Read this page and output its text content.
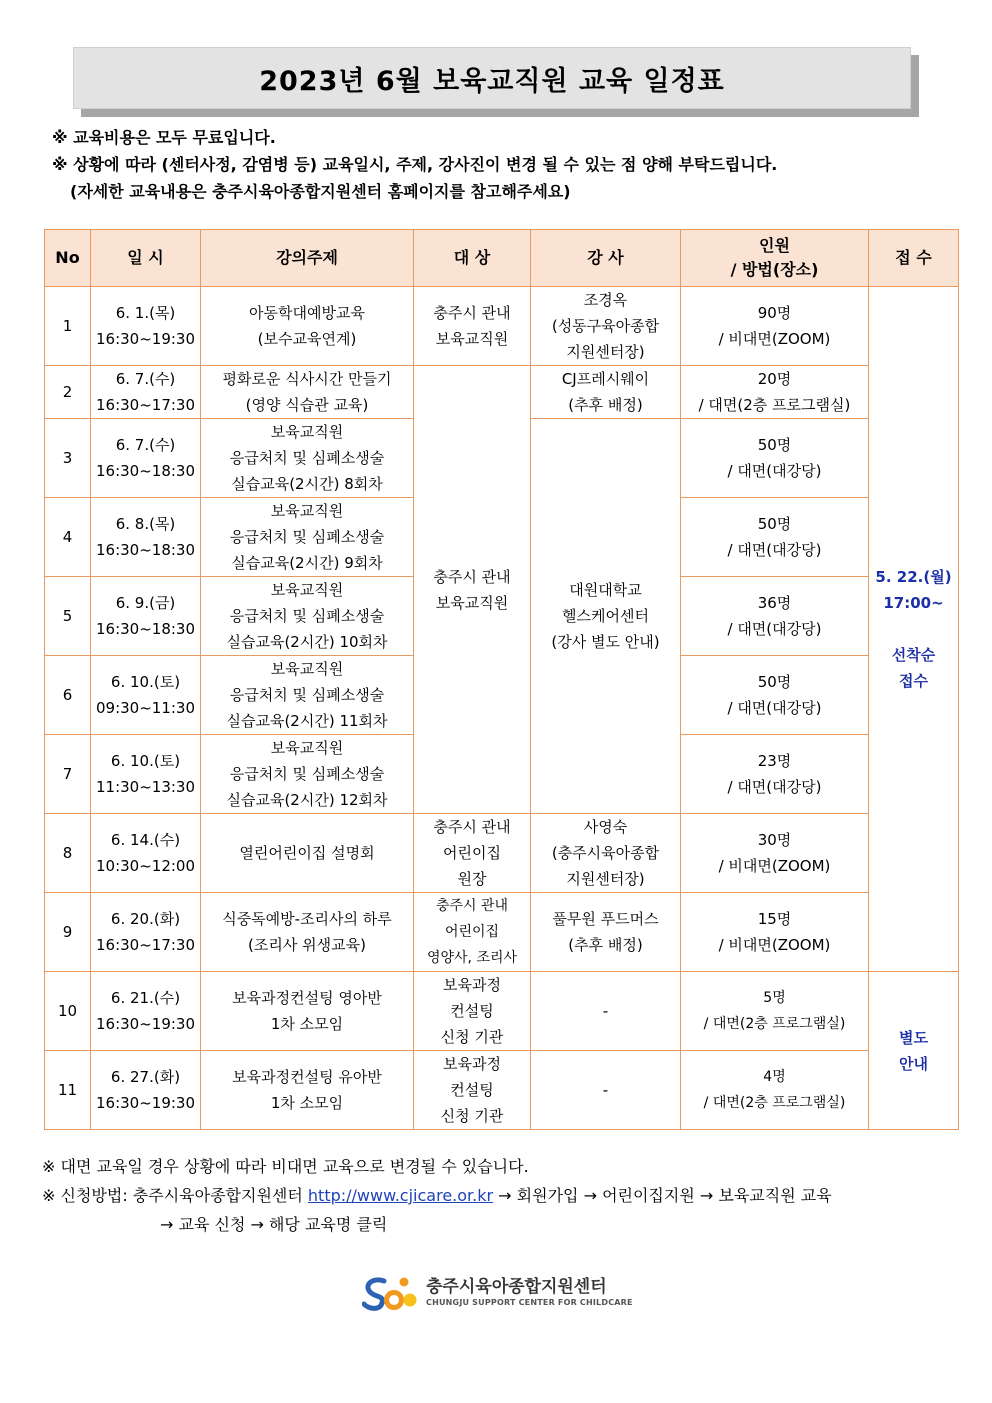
2023년 6월 보육교직원 교육 일정표
※ 교육비용은 모두 무료입니다.
※ 상황에 따라 (센터사정, 감염병 등) 교육일시, 주제, 강사진이 변경 될 수 있는 점 양해 부탁드립니다.
(자세한 교육내용은 충주시육아종합지원센터 홈페이지를 참고해주세요)
No	일 시	강의주제	대 상	강 사	인원
/ 방법(장소)	접 수
1	6. 1.(목)
16:30~19:30	아동학대예방교육
(보수교육연계)	충주시 관내
보육교직원	조경옥
(성동구육아종합
지원센터장)	90명
/ 비대면(ZOOM)	5. 22.(월)
17:00~

선착순
접수
2	6. 7.(수)
16:30~17:30	평화로운 식사시간 만들기
(영양 식습관 교육)	충주시 관내
보육교직원	CJ프레시웨이
(추후 배정)	20명
/ 대면(2층 프로그램실)	
3	6. 7.(수)
16:30~18:30	보육교직원
응급처치 및 심폐소생술
실습교육(2시간) 8회차		대원대학교
헬스케어센터
(강사 별도 안내)	50명
/ 대면(대강당)	
4	6. 8.(목)
16:30~18:30	보육교직원
응급처치 및 심폐소생술
실습교육(2시간) 9회차			50명
/ 대면(대강당)	
5	6. 9.(금)
16:30~18:30	보육교직원
응급처치 및 심폐소생술
실습교육(2시간) 10회차			36명
/ 대면(대강당)	
6	6. 10.(토)
09:30~11:30	보육교직원
응급처치 및 심폐소생술
실습교육(2시간) 11회차			50명
/ 대면(대강당)	
7	6. 10.(토)
11:30~13:30	보육교직원
응급처치 및 심폐소생술
실습교육(2시간) 12회차			23명
/ 대면(대강당)	
8	6. 14.(수)
10:30~12:00	열린어린이집 설명회	충주시 관내
어린이집
원장	사영숙
(충주시육아종합
지원센터장)	30명
/ 비대면(ZOOM)	
9	6. 20.(화)
16:30~17:30	식중독예방-조리사의 하루
(조리사 위생교육)	충주시 관내
어린이집
영양사, 조리사	풀무원 푸드머스
(추후 배정)	15명
/ 비대면(ZOOM)	
10	6. 21.(수)
16:30~19:30	보육과정컨설팅 영아반
1차 소모임	보육과정
컨설팅
신청 기관	-	5명
/ 대면(2층 프로그램실)	별도
안내
11	6. 27.(화)
16:30~19:30	보육과정컨설팅 유아반
1차 소모임	보육과정
컨설팅
신청 기관	-	4명
/ 대면(2층 프로그램실)	
※ 대면 교육일 경우 상황에 따라 비대면 교육으로 변경될 수 있습니다.
※ 신청방법: 충주시육아종합지원센터 http://www.cjicare.or.kr → 회원가입 → 어린이집지원 → 보육교직원 교육
→ 교육 신청 → 해당 교육명 클릭
충주시육아종합지원센터
CHUNGJU SUPPORT CENTER FOR CHILDCARE
